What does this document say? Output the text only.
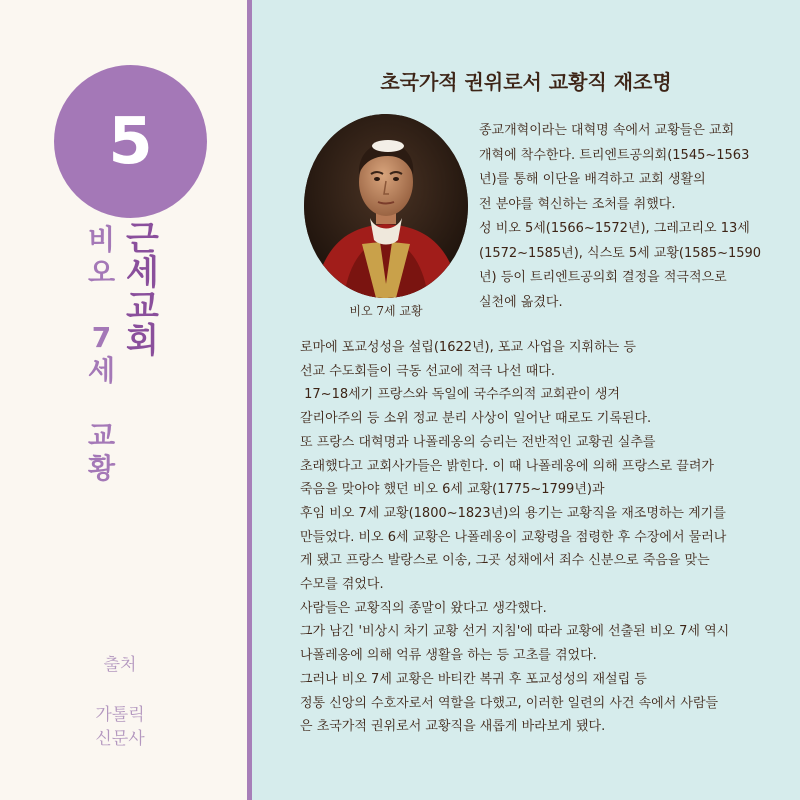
5
근
세
교
회
비
오
7
세
교
황
출처
가톨릭
신문사
초국가적 권위로서 교황직 재조명
비오 7세 교황
종교개혁이라는 대혁명 속에서 교황들은 교회
개혁에 착수한다. 트리엔트공의회(1545~1563
년)를 통해 이단을 배격하고 교회 생활의
전 분야를 혁신하는 조처를 취했다.
성 비오 5세(1566~1572년), 그레고리오 13세
(1572~1585년), 식스토 5세 교황(1585~1590
년) 등이 트리엔트공의회 결정을 적극적으로
실천에 옮겼다.
로마에 포교성성을 설립(1622년), 포교 사업을 지휘하는 등
선교 수도회들이 극동 선교에 적극 나선 때다.
17~18세기 프랑스와 독일에 국수주의적 교회관이 생겨
갈리아주의 등 소위 정교 분리 사상이 일어난 때로도 기록된다.
또 프랑스 대혁명과 나폴레옹의 승리는 전반적인 교황권 실추를
초래했다고 교회사가들은 밝힌다. 이 때 나폴레옹에 의해 프랑스로 끌려가
죽음을 맞아야 했던 비오 6세 교황(1775~1799년)과
후임 비오 7세 교황(1800~1823년)의 용기는 교황직을 재조명하는 계기를
만들었다. 비오 6세 교황은 나폴레옹이 교황령을 점령한 후 수장에서 물러나
게 됐고 프랑스 발랑스로 이송, 그곳 성채에서 죄수 신분으로 죽음을 맞는
수모를 겪었다.
사람들은 교황직의 종말이 왔다고 생각했다.
그가 남긴 '비상시 차기 교황 선거 지침'에 따라 교황에 선출된 비오 7세 역시
나폴레옹에 의해 억류 생활을 하는 등 고초를 겪었다.
그러나 비오 7세 교황은 바티칸 복귀 후 포교성성의 재설립 등
정통 신앙의 수호자로서 역할을 다했고, 이러한 일련의 사건 속에서 사람들
은 초국가적 권위로서 교황직을 새롭게 바라보게 됐다.
